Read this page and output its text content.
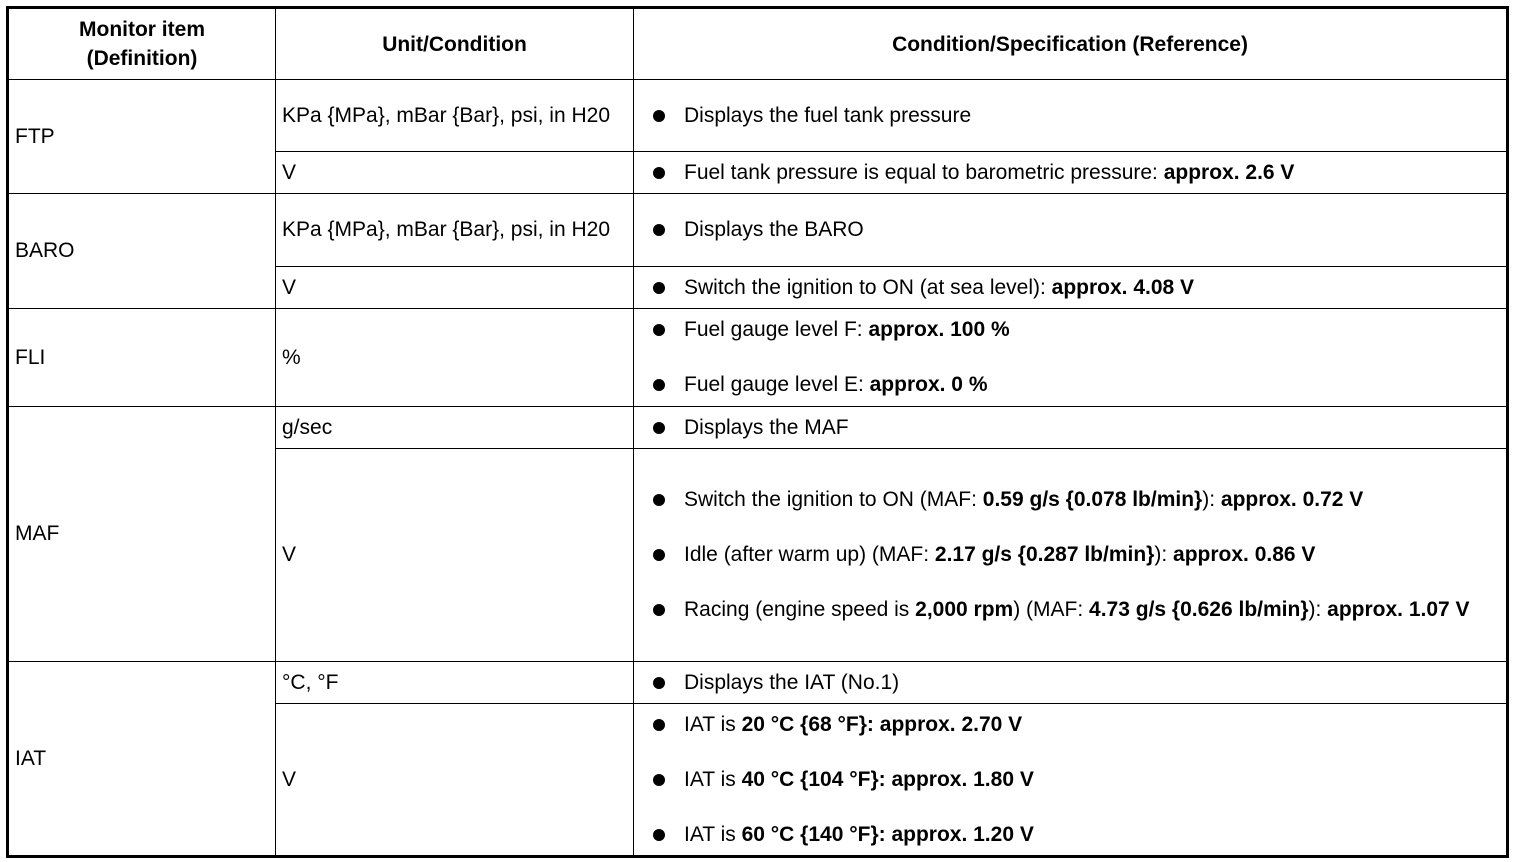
Monitor item (Definition)	Unit/Condition	Condition/Specification (Reference)
FTP	KPa {MPa}, mBar {Bar}, psi, in H20	Displays the fuel tank pressure

	V	Fuel tank pressure is equal to barometric pressure: approx. 2.6 V

BARO	KPa {MPa}, mBar {Bar}, psi, in H20	Displays the BARO

	V	Switch the ignition to ON (at sea level): approx. 4.08 V

FLI	%	Fuel gauge level F: approx. 100 %
Fuel gauge level E: approx. 0 %

MAF	g/sec	Displays the MAF

	V	Switch the ignition to ON (MAF: 0.59 g/s {0.078 lb/min}): approx. 0.72 V
Idle (after warm up) (MAF: 2.17 g/s {0.287 lb/min}): approx. 0.86 V
Racing (engine speed is 2,000 rpm) (MAF: 4.73 g/s {0.626 lb/min}): approx. 1.07 V

IAT	°C, °F	Displays the IAT (No.1)

	V	IAT is 20 °C {68 °F}: approx. 2.70 V
IAT is 40 °C {104 °F}: approx. 1.80 V
IAT is 60 °C {140 °F}: approx. 1.20 V
